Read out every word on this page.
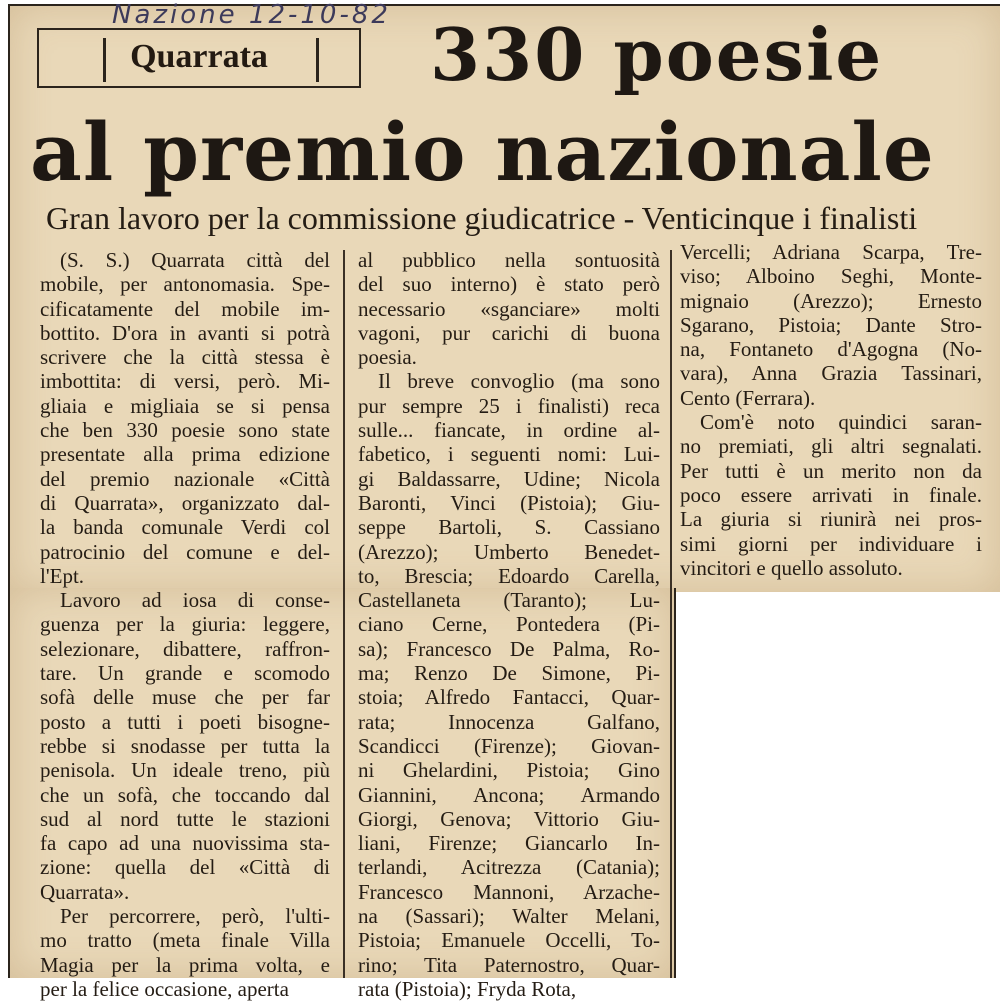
Nazione 12-10-82
Quarrata	330 poesie
al premio nazionale
Gran lavoro per la commissione giudicatrice - Venticinque i finalisti
(S. S.) Quarrata città del
mobile, per antonomasia. Spe-
cificatamente del mobile im-
bottito. D'ora in avanti si potrà
scrivere che la città stessa è
imbottita: di versi, però. Mi-
gliaia e migliaia se si pensa
che ben 330 poesie sono state
presentate alla prima edizione
del premio nazionale «Città
di Quarrata», organizzato dal-
la banda comunale Verdi col
patrocinio del comune e del-
l'Ept.
Lavoro ad iosa di conse-
guenza per la giuria: leggere,
selezionare, dibattere, raffron-
tare. Un grande e scomodo
sofà delle muse che per far
posto a tutti i poeti bisogne-
rebbe si snodasse per tutta la
penisola. Un ideale treno, più
che un sofà, che toccando dal
sud al nord tutte le stazioni
fa capo ad una nuovissima sta-
zione: quella del «Città di
Quarrata».
Per percorrere, però, l'ulti-
mo tratto (meta finale Villa
Magia per la prima volta, e
per la felice occasione, aperta
al pubblico nella sontuosità
del suo interno) è stato però
necessario «sganciare» molti
vagoni, pur carichi di buona
poesia.
Il breve convoglio (ma sono
pur sempre 25 i finalisti) reca
sulle... fiancate, in ordine al-
fabetico, i seguenti nomi: Lui-
gi Baldassarre, Udine; Nicola
Baronti, Vinci (Pistoia); Giu-
seppe Bartoli, S. Cassiano
(Arezzo); Umberto Benedet-
to, Brescia; Edoardo Carella,
Castellaneta (Taranto); Lu-
ciano Cerne, Pontedera (Pi-
sa); Francesco De Palma, Ro-
ma; Renzo De Simone, Pi-
stoia; Alfredo Fantacci, Quar-
rata; Innocenza Galfano,
Scandicci (Firenze); Giovan-
ni Ghelardini, Pistoia; Gino
Giannini, Ancona; Armando
Giorgi, Genova; Vittorio Giu-
liani, Firenze; Giancarlo In-
terlandi, Acitrezza (Catania);
Francesco Mannoni, Arzache-
na (Sassari); Walter Melani,
Pistoia; Emanuele Occelli, To-
rino; Tita Paternostro, Quar-
rata (Pistoia); Fryda Rota,
Vercelli; Adriana Scarpa, Tre-
viso; Alboino Seghi, Monte-
mignaio (Arezzo); Ernesto
Sgarano, Pistoia; Dante Stro-
na, Fontaneto d'Agogna (No-
vara), Anna Grazia Tassinari,
Cento (Ferrara).
Com'è noto quindici saran-
no premiati, gli altri segnalati.
Per tutti è un merito non da
poco essere arrivati in finale.
La giuria si riunirà nei pros-
simi giorni per individuare i
vincitori e quello assoluto.
